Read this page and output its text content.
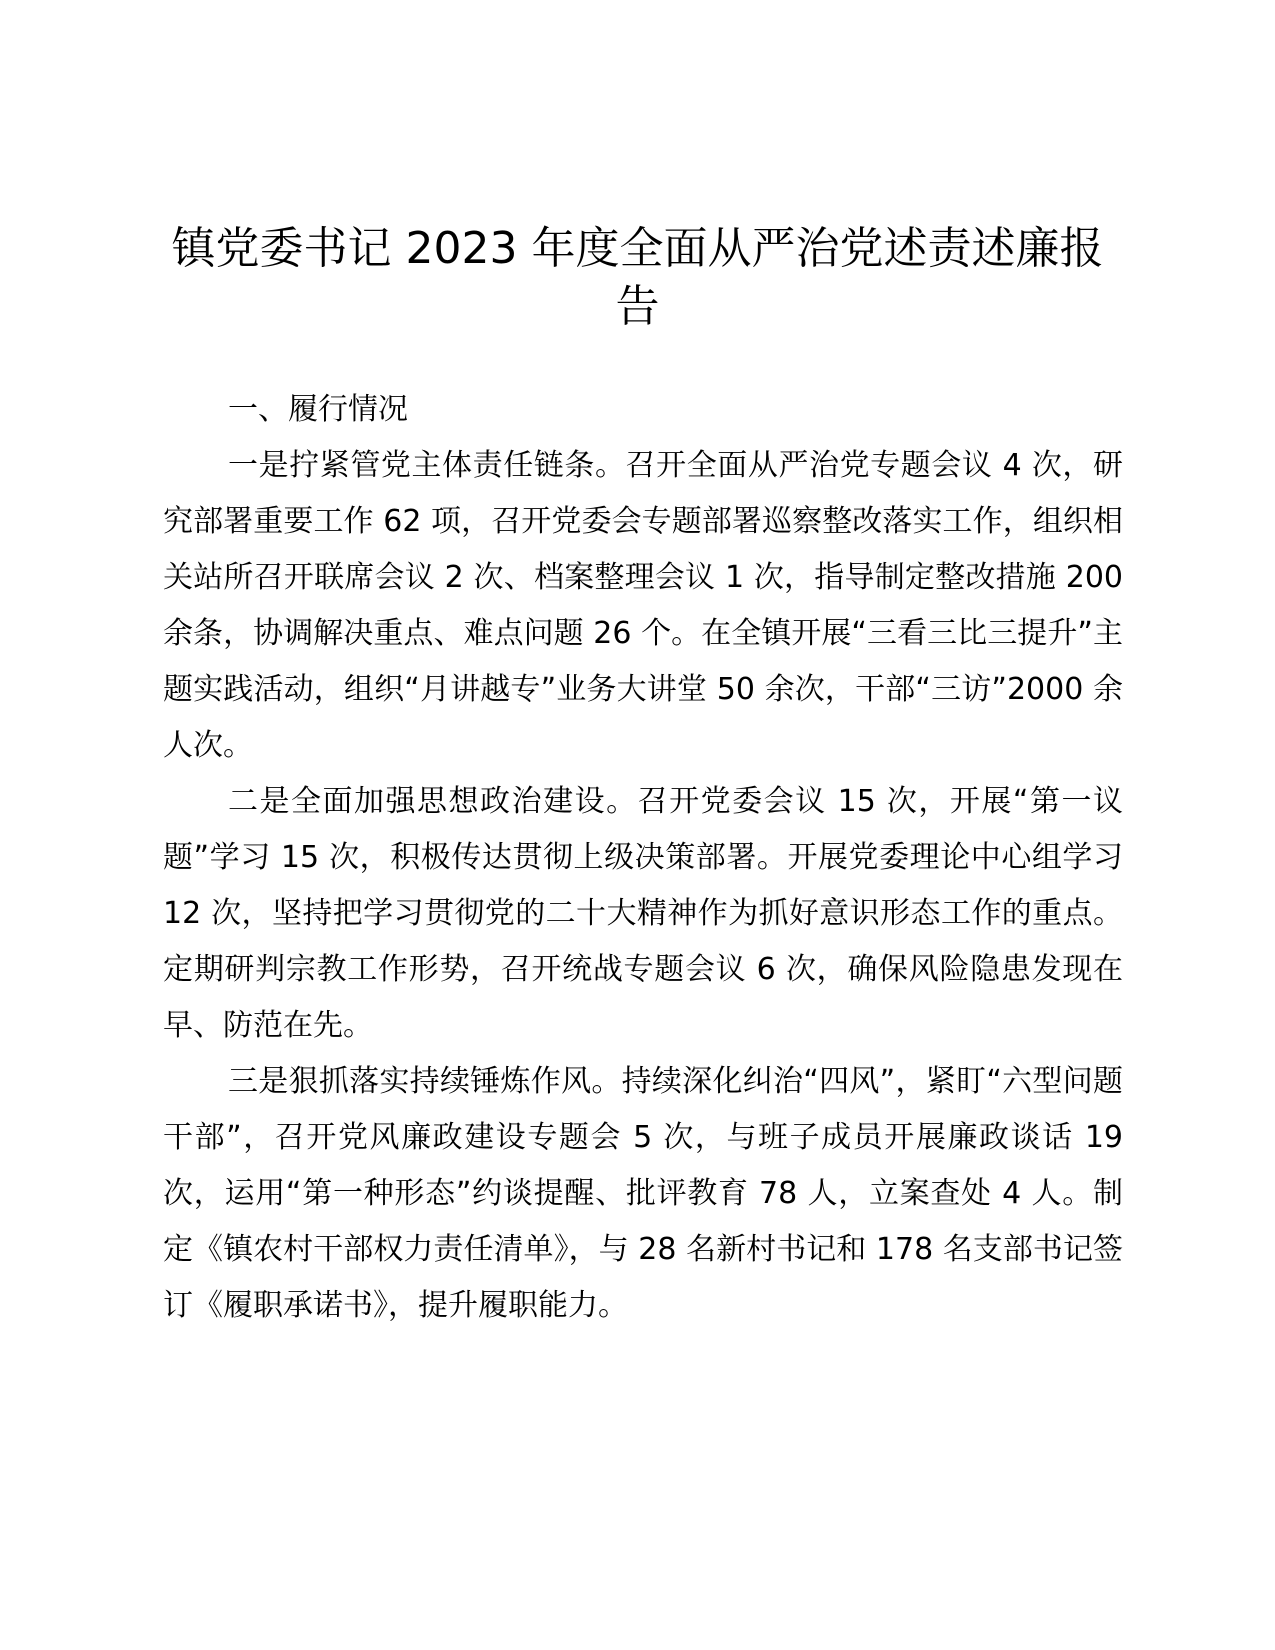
镇党委书记 2023 年度全面从严治党述责述廉报告

一、履行情况

一是拧紧管党主体责任链条。召开全面从严治党专题会议 4 次，研究部署重要工作 62 项，召开党委会专题部署巡察整改落实工作，组织相关站所召开联席会议 2 次、档案整理会议 1 次，指导制定整改措施 200 余条，协调解决重点、难点问题 26 个。在全镇开展“三看三比三提升”主题实践活动，组织“月讲越专”业务大讲堂 50 余次，干部“三访”2000 余人次。

二是全面加强思想政治建设。召开党委会议 15 次，开展“第一议题”学习 15 次，积极传达贯彻上级决策部署。开展党委理论中心组学习 12 次，坚持把学习贯彻党的二十大精神作为抓好意识形态工作的重点。定期研判宗教工作形势，召开统战专题会议 6 次，确保风险隐患发现在早、防范在先。

三是狠抓落实持续锤炼作风。持续深化纠治“四风”，紧盯“六型问题干部”，召开党风廉政建设专题会 5 次，与班子成员开展廉政谈话 19 次，运用“第一种形态”约谈提醒、批评教育 78 人，立案查处 4 人。制定《镇农村干部权力责任清单》，与 28 名新村书记和 178 名支部书记签订《履职承诺书》，提升履职能力。
